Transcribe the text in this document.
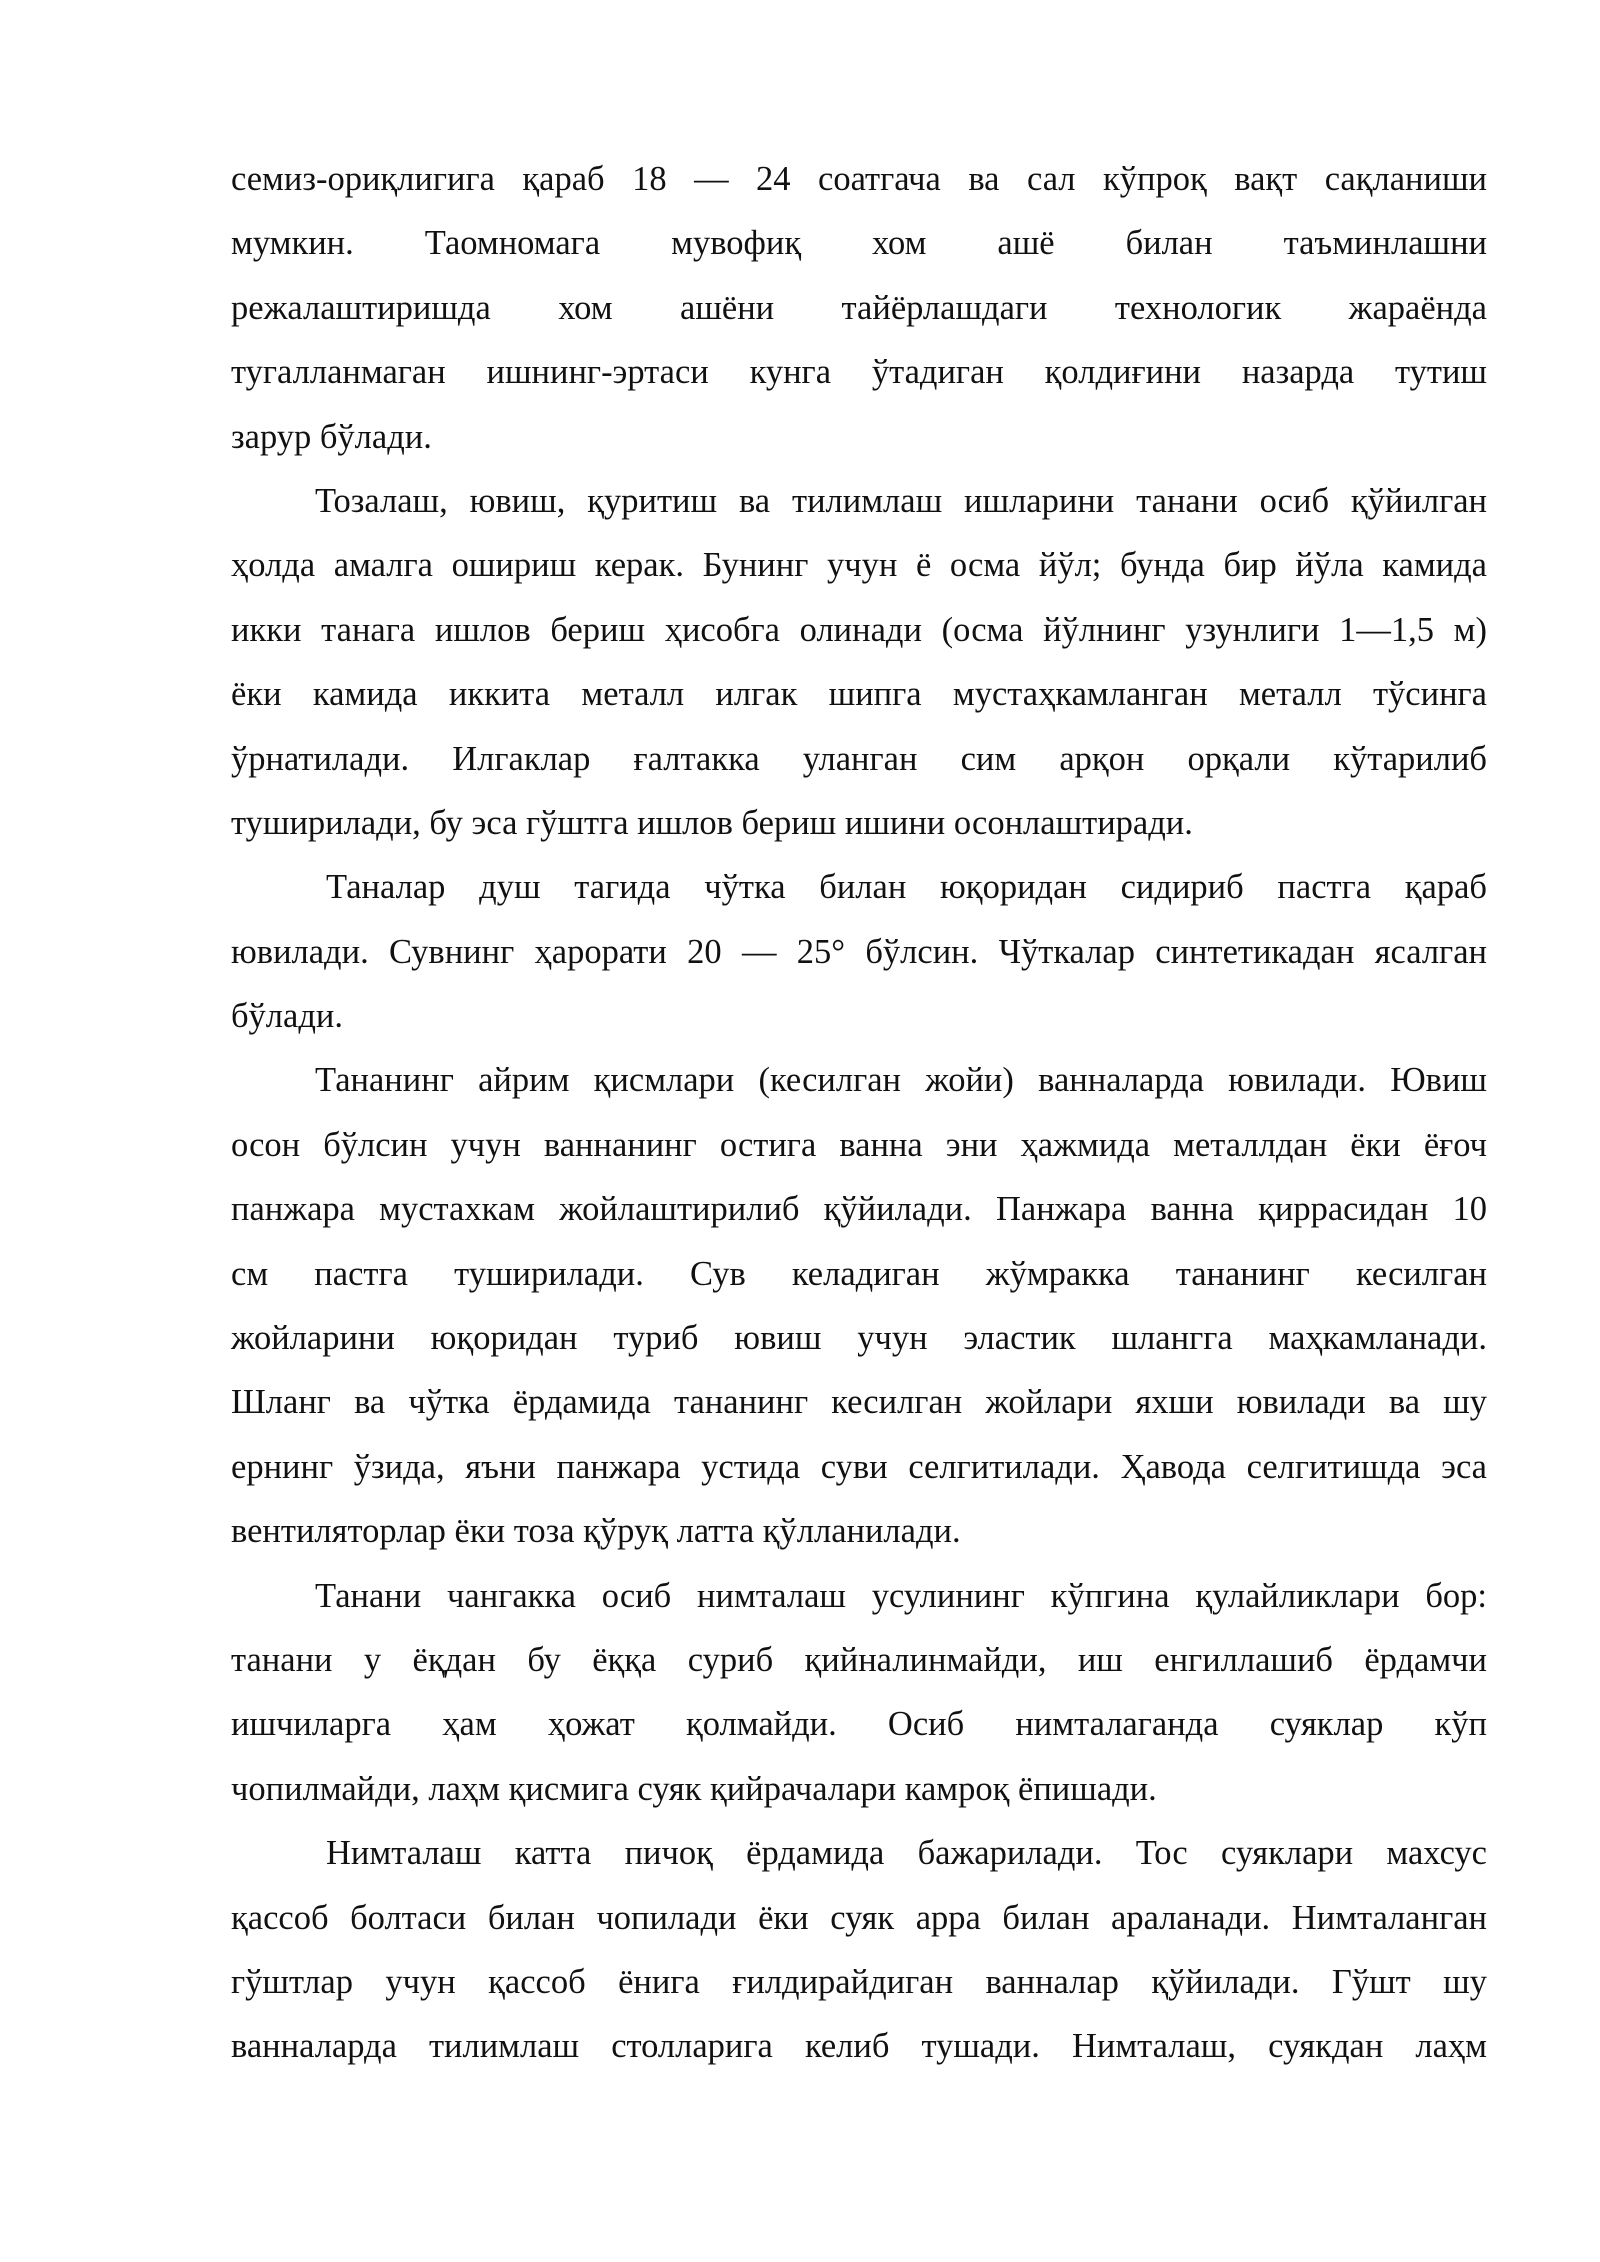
семиз-ориқлигига қараб 18 — 24 соатгача ва сал кўпроқ вақт сақланиши
мумкин. Таомномага мувофиқ хом ашё билан таъминлашни
режалаштиришда хом ашёни тайёрлашдаги технологик жараёнда
тугалланмаган ишнинг-эртаси кунга ўтадиган қолдиғини назарда тутиш
зарур бўлади.
Тозалаш, ювиш, қуритиш ва тилимлаш ишларини танани осиб қўйилган
ҳолда амалга ошириш керак. Бунинг учун ё осма йўл; бунда бир йўла камида
икки танага ишлов бериш ҳисобга олинади (осма йўлнинг узунлиги 1—1,5 м)
ёки камида иккита металл илгак шипга мустаҳкамланган металл тўсинга
ўрнатилади. Илгаклар ғалтакка уланган сим арқон орқали кўтарилиб
туширилади, бу эса гўштга ишлов бериш ишини осонлаштиради.
Таналар душ тагида чўтка билан юқоридан сидириб пастга қараб
ювилади. Сувнинг ҳарорати 20 — 25° бўлсин. Чўткалар синтетикадан ясалган
бўлади.
Тананинг айрим қисмлари (кесилган жойи) ванналарда ювилади. Ювиш
осон бўлсин учун ваннанинг остига ванна эни ҳажмида металлдан ёки ёғоч
панжара мустахкам жойлаштирилиб қўйилади. Панжара ванна қиррасидан 10
см пастга туширилади. Сув келадиган жўмракка тананинг кесилган
жойларини юқоридан туриб ювиш учун эластик шлангга маҳкамланади.
Шланг ва чўтка ёрдамида тананинг кесилган жойлари яхши ювилади ва шу
ернинг ўзида, яъни панжара устида суви селгитилади. Ҳавода селгитишда эса
вентиляторлар ёки тоза қўруқ латта қўлланилади.
Танани чангакка осиб нимталаш усулининг кўпгина қулайликлари бор:
танани у ёқдан бу ёққа суриб қийналинмайди, иш енгиллашиб ёрдамчи
ишчиларга ҳам ҳожат қолмайди. Осиб нимталаганда суяклар кўп
чопилмайди, лаҳм қисмига суяк қийрачалари камроқ ёпишади.
Нимталаш катта пичоқ ёрдамида бажарилади. Тос суяклари махсус
қассоб болтаси билан чопилади ёки суяк арра билан араланади. Нимталанган
гўштлар учун қассоб ёнига ғилдирайдиган ванналар қўйилади. Гўшт шу
ванналарда тилимлаш столларига келиб тушади. Нимталаш, суякдан лаҳм
